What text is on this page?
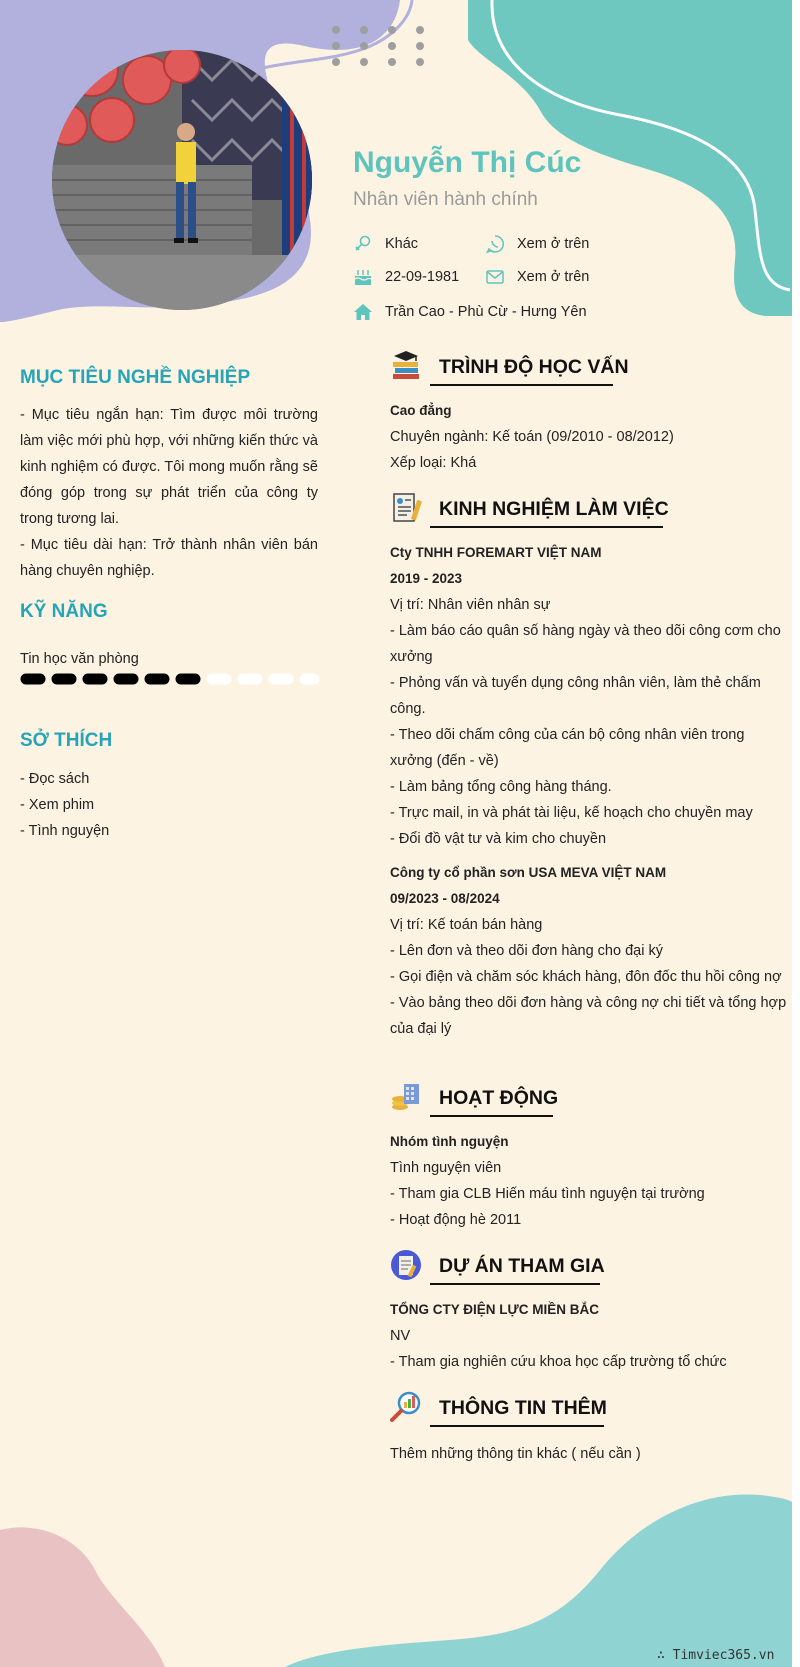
Nguyễn Thị Cúc
Nhân viên hành chính
Khác	Xem ở trên
22-09-1981	Xem ở trên
Trần Cao - Phù Cừ - Hưng Yên
MỤC TIÊU NGHỀ NGHIỆP
- Mục tiêu ngắn hạn: Tìm được môi trường làm việc mới phù hợp, với những kiến thức và kinh nghiệm có được. Tôi mong muốn rằng sẽ đóng góp trong sự phát triển của công ty trong tương lai.
- Mục tiêu dài hạn: Trở thành nhân viên bán hàng chuyên nghiệp.
KỸ NĂNG
Tin học văn phòng
SỞ THÍCH
- Đọc sách
- Xem phim
- Tình nguyện
TRÌNH ĐỘ HỌC VẤN
Cao đẳng
Chuyên ngành: Kế toán (09/2010 - 08/2012)
Xếp loại: Khá
KINH NGHIỆM LÀM VIỆC
Cty TNHH FOREMART VIỆT NAM
2019 - 2023
Vị trí: Nhân viên nhân sự
- Làm báo cáo quân số hàng ngày và theo dõi công cơm cho xưởng
- Phỏng vấn và tuyển dụng công nhân viên, làm thẻ chấm công.
- Theo dõi chấm công của cán bộ công nhân viên trong xưởng (đến - về)
- Làm bảng tổng công hàng tháng.
- Trực mail, in và phát tài liệu, kế hoạch cho chuyền may
- Đổi đồ vật tư và kim cho chuyền
Công ty cổ phần sơn USA MEVA VIỆT NAM
09/2023 - 08/2024
Vị trí: Kế toán bán hàng
- Lên đơn và theo dõi đơn hàng cho đại ký
- Gọi điện và chăm sóc khách hàng, đôn đốc thu hồi công nợ
- Vào bảng theo dõi đơn hàng và công nợ chi tiết và tổng hợp của đại lý
HOẠT ĐỘNG
Nhóm tình nguyện
Tình nguyện viên
- Tham gia CLB Hiến máu tình nguyện tại trường
- Hoạt động hè 2011
DỰ ÁN THAM GIA
TỔNG CTY ĐIỆN LỰC MIỀN BẮC
NV
- Tham gia nghiên cứu khoa học cấp trường tổ chức
THÔNG TIN THÊM
Thêm những thông tin khác ( nếu cần )
∴ Timviec365.vn
